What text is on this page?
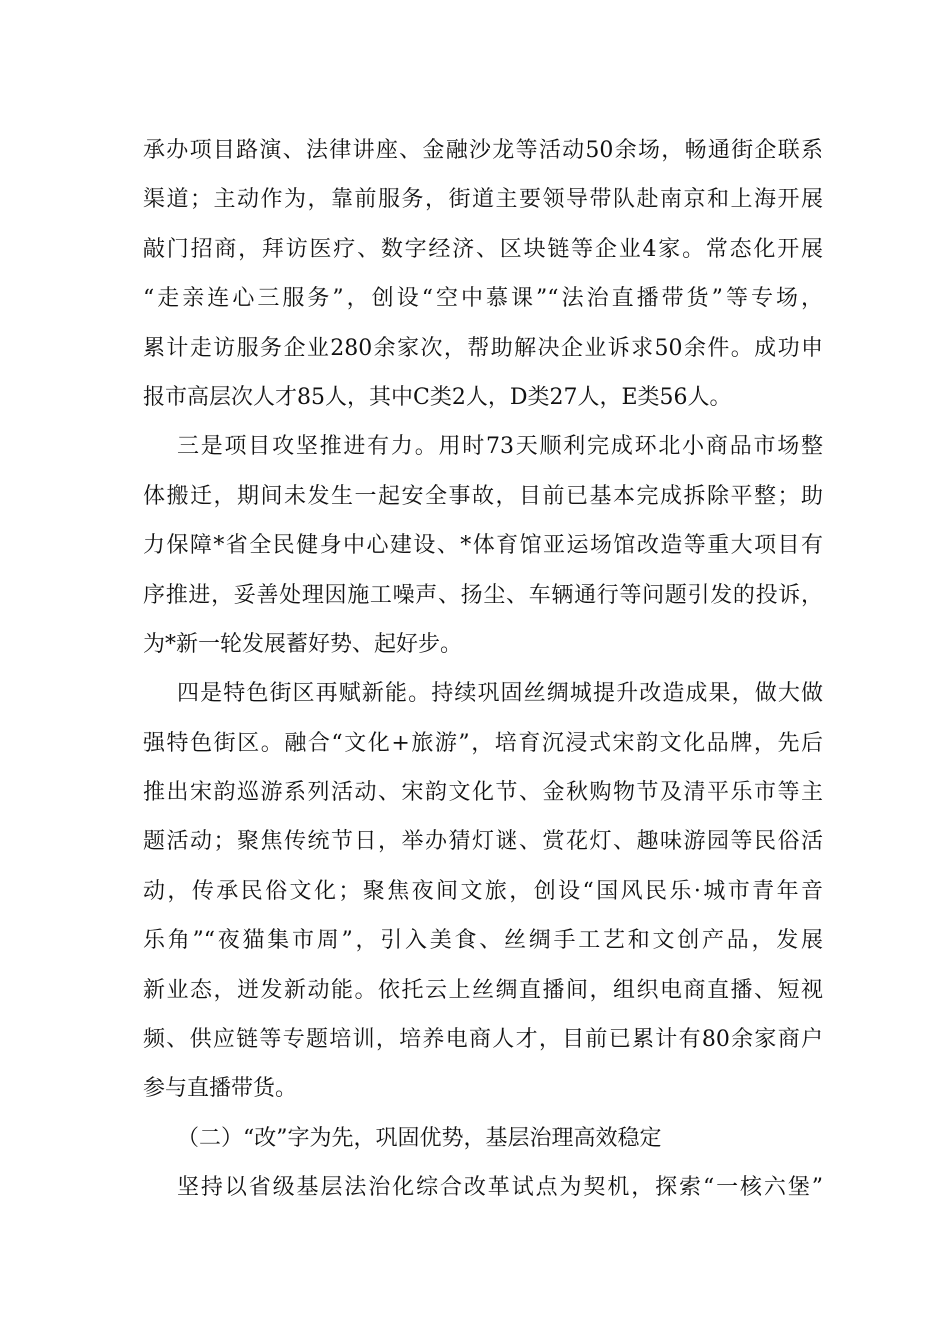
承办项目路演、法律讲座、金融沙龙等活动50余场，畅通街企联系
渠道；主动作为，靠前服务，街道主要领导带队赴南京和上海开展
敲门招商，拜访医疗、数字经济、区块链等企业4家。常态化开展
“走亲连心三服务”，创设“空中慕课”“法治直播带货”等专场，
累计走访服务企业280余家次，帮助解决企业诉求50余件。成功申
报市高层次人才85人，其中C类2人，D类27人，E类56人。
三是项目攻坚推进有力。用时73天顺利完成环北小商品市场整
体搬迁，期间未发生一起安全事故，目前已基本完成拆除平整；助
力保障*省全民健身中心建设、*体育馆亚运场馆改造等重大项目有
序推进，妥善处理因施工噪声、扬尘、车辆通行等问题引发的投诉，
为*新一轮发展蓄好势、起好步。
四是特色街区再赋新能。持续巩固丝绸城提升改造成果，做大做
强特色街区。融合“文化+旅游”，培育沉浸式宋韵文化品牌，先后
推出宋韵巡游系列活动、宋韵文化节、金秋购物节及清平乐市等主
题活动；聚焦传统节日，举办猜灯谜、赏花灯、趣味游园等民俗活
动，传承民俗文化；聚焦夜间文旅，创设“国风民乐·城市青年音
乐角”“夜猫集市周”，引入美食、丝绸手工艺和文创产品，发展
新业态，迸发新动能。依托云上丝绸直播间，组织电商直播、短视
频、供应链等专题培训，培养电商人才，目前已累计有80余家商户
参与直播带货。
（二）“改”字为先，巩固优势，基层治理高效稳定
坚持以省级基层法治化综合改革试点为契机，探索“一核六堡”
